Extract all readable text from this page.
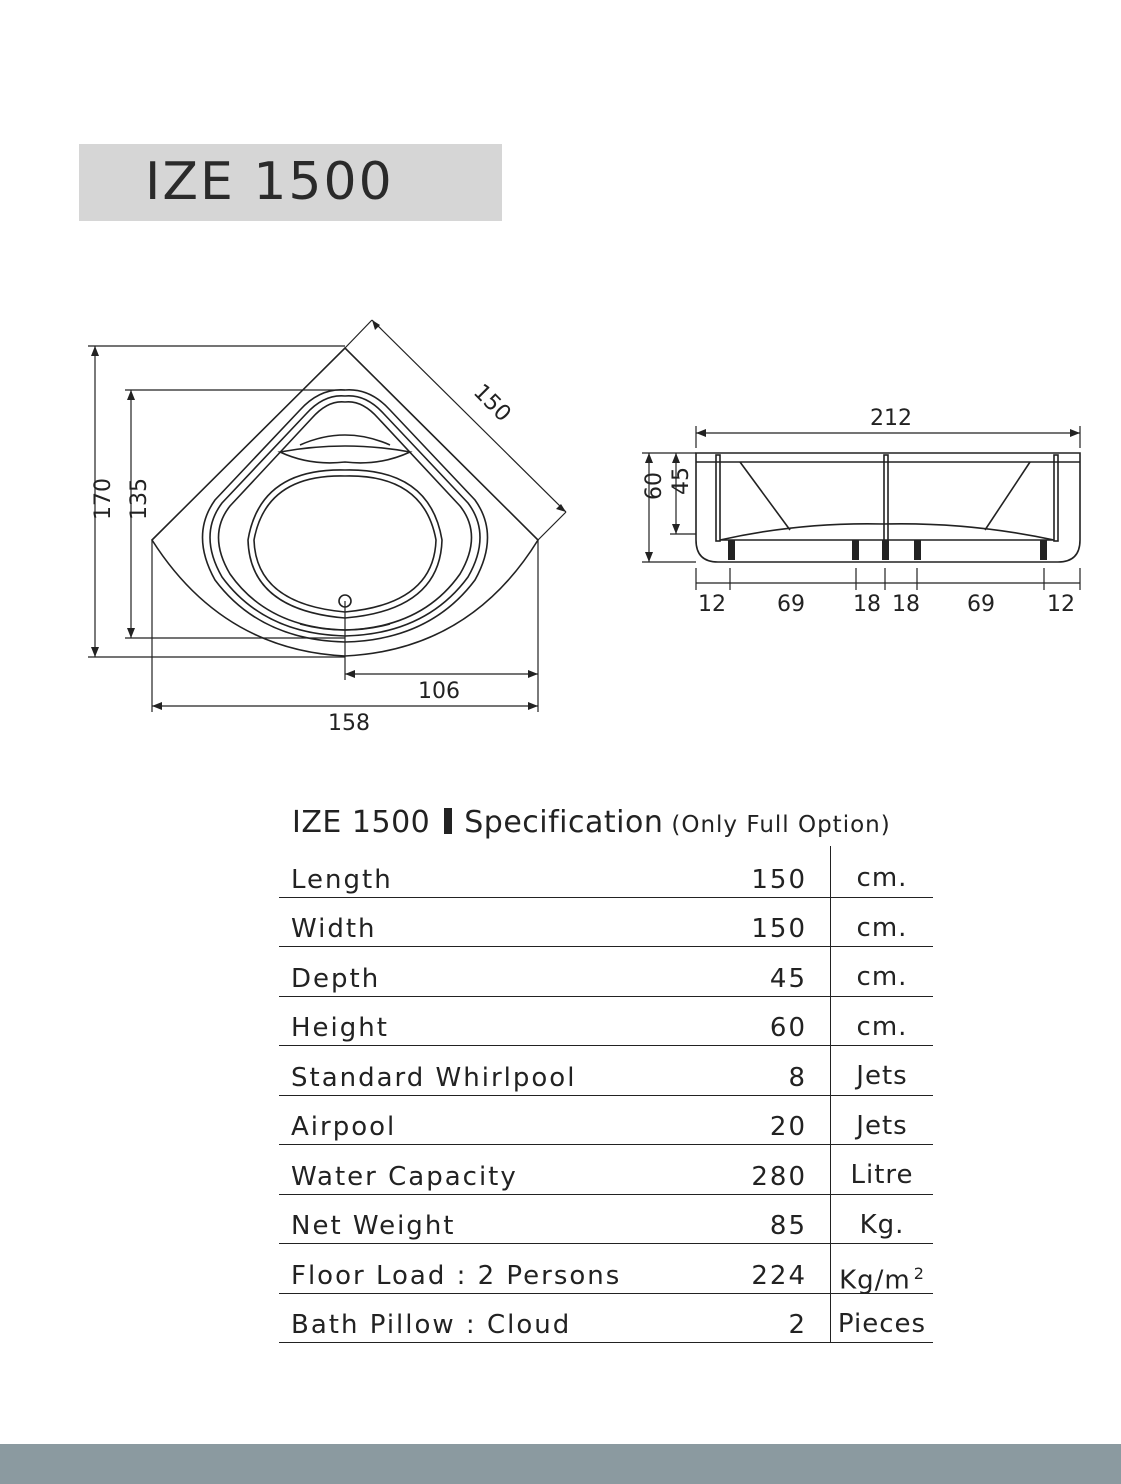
IZE 1500
150
170 135
106
158
212
60 45
12 69 18 18 69 12
IZE 1500 Specification (Only Full Option)
Length	150	cm.
Width	150	cm.
Depth	45	cm.
Height	60	cm.
Standard Whirlpool	8	Jets
Airpool	20	Jets
Water Capacity	280	Litre
Net Weight	85	Kg.
Floor Load : 2 Persons	224	Kg/m $^2$
Bath Pillow : Cloud	2	Pieces
